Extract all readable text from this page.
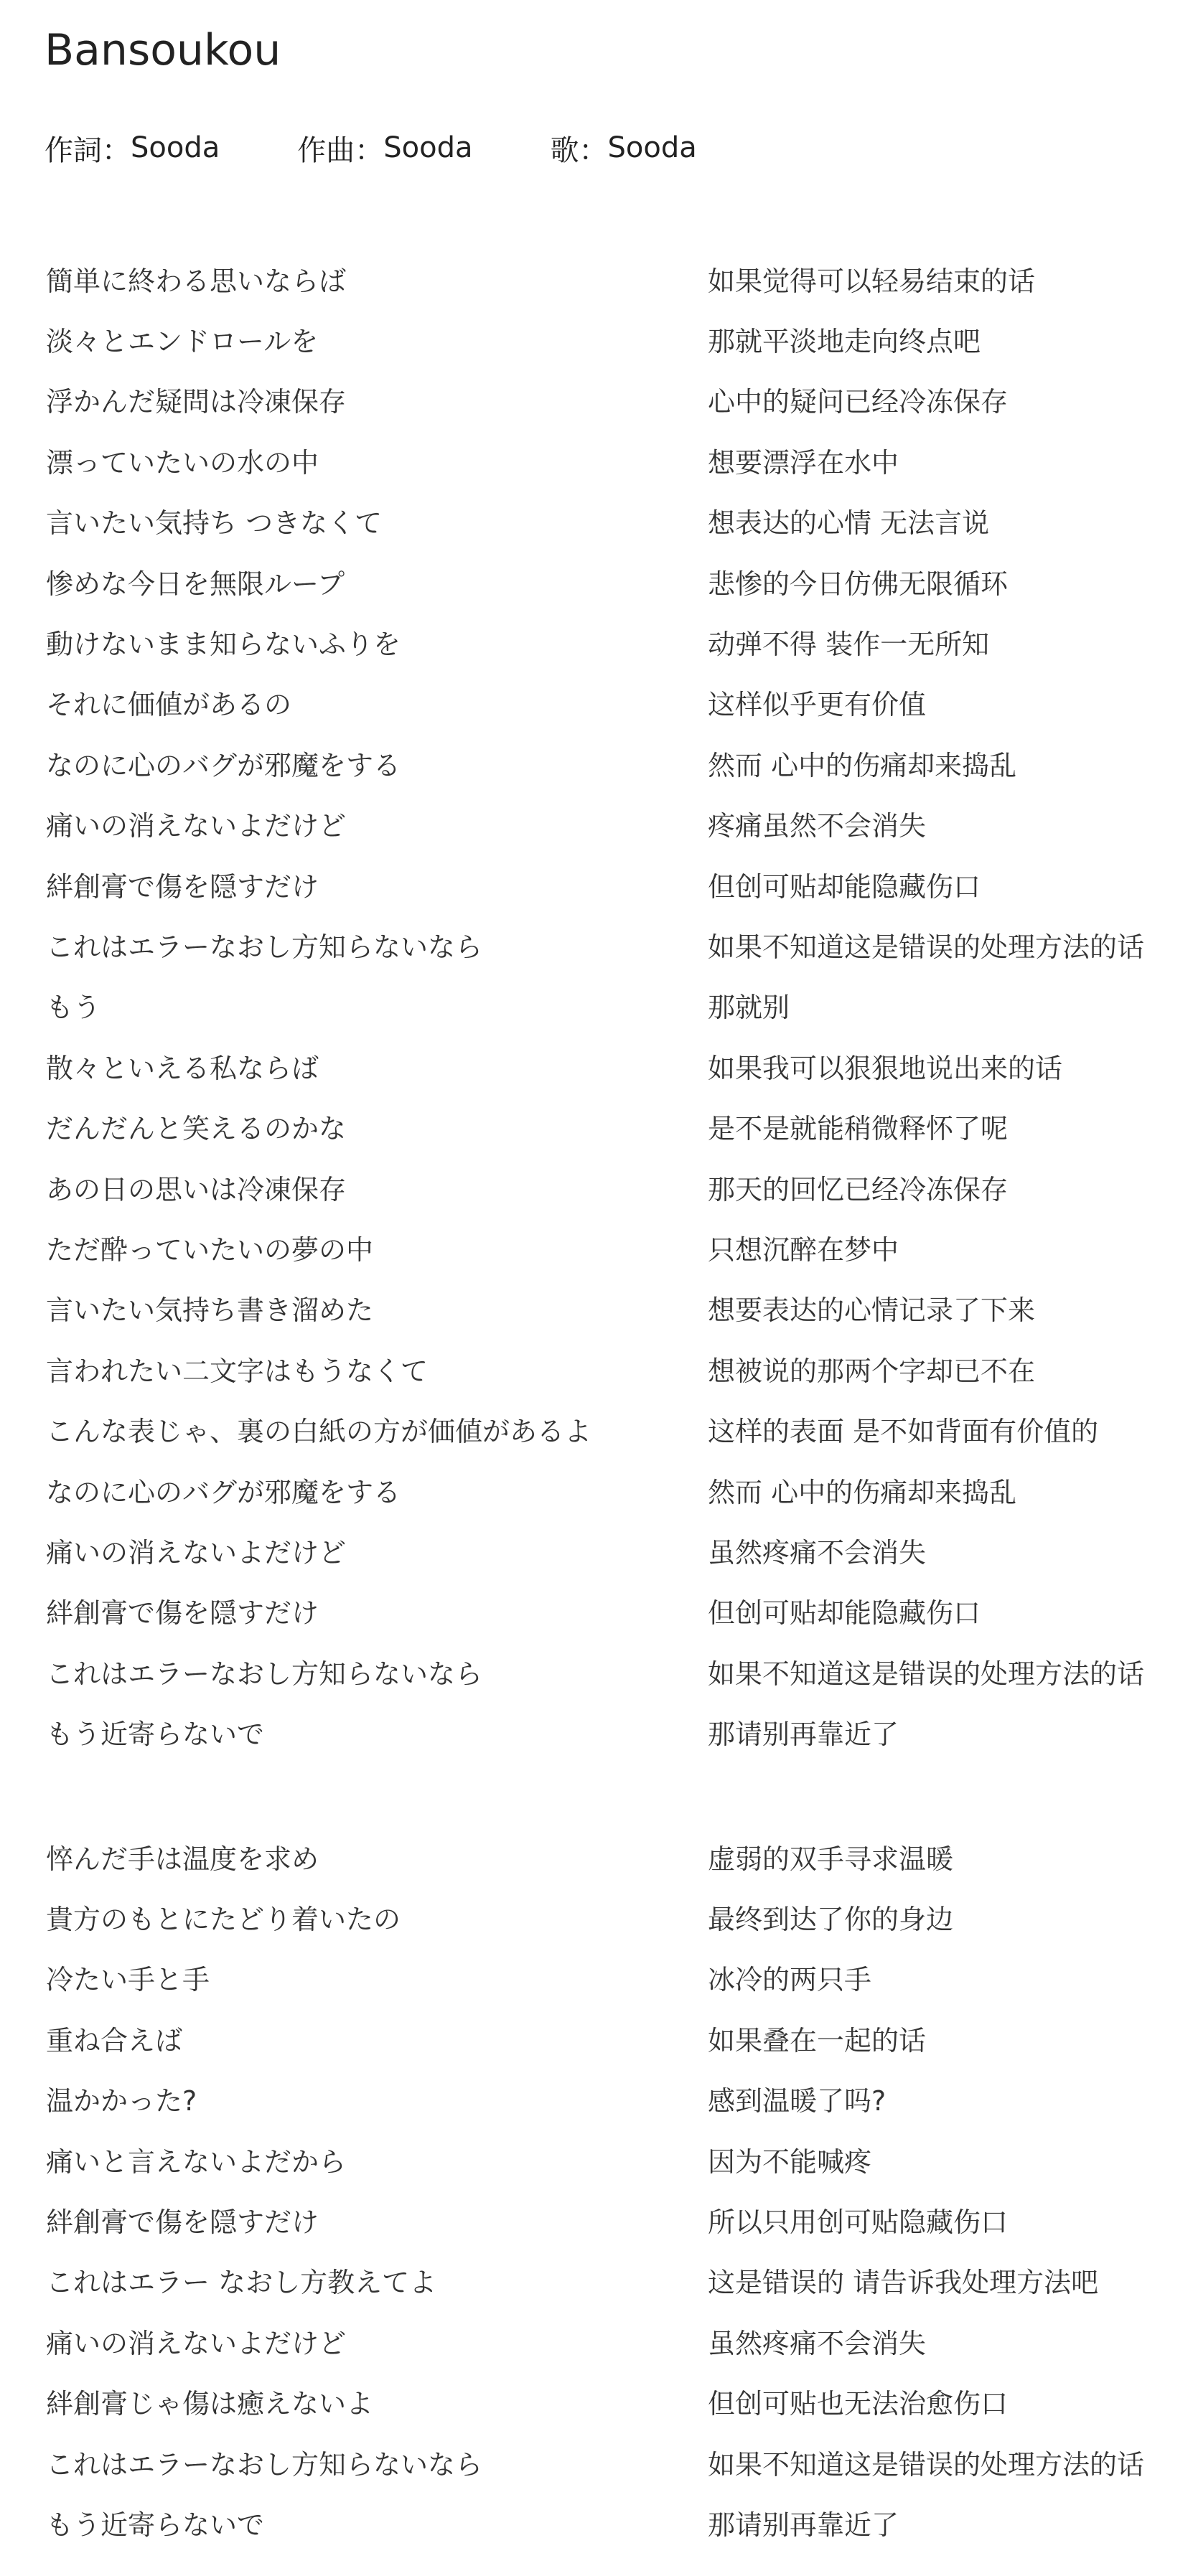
Bansoukou
作詞 ： Sooda	作曲 ： Sooda	歌 ： Sooda
簡単に終わる思いならば	如果觉得可以轻易结束的话
淡々とエンドロールを	那就平淡地走向终点吧
浮かんだ疑問は冷凍保存	心中的疑问已经冷冻保存
漂っていたいの水の中	想要漂浮在水中
言いたい気持ち つきなくて	想表达的心情 无法言说
惨めな今日を無限ループ	悲惨的今日仿佛无限循环
動けないまま知らないふりを	动弹不得 装作一无所知
それに価値があるの	这样似乎更有价值
なのに心のバグが邪魔をする	然而 心中的伤痛却来捣乱
痛いの消えないよだけど	疼痛虽然不会消失
絆創膏で傷を隠すだけ	但创可贴却能隐藏伤口
これはエラーなおし方知らないなら	如果不知道这是错误的处理方法的话
もう	那就别
散々といえる私ならば	如果我可以狠狠地说出来的话
だんだんと笑えるのかな	是不是就能稍微释怀了呢
あの日の思いは冷凍保存	那天的回忆已经冷冻保存
ただ酔っていたいの夢の中	只想沉醉在梦中
言いたい気持ち書き溜めた	想要表达的心情记录了下来
言われたい二文字はもうなくて	想被说的那两个字却已不在
こんな表じゃ、裏の白紙の方が価値があるよ	这样的表面 是不如背面有价值的
なのに心のバグが邪魔をする	然而 心中的伤痛却来捣乱
痛いの消えないよだけど	虽然疼痛不会消失
絆創膏で傷を隠すだけ	但创可贴却能隐藏伤口
これはエラーなおし方知らないなら	如果不知道这是错误的处理方法的话
もう近寄らないで	那请别再靠近了
悴んだ手は温度を求め	虚弱的双手寻求温暖
貴方のもとにたどり着いたの	最终到达了你的身边
冷たい手と手	冰冷的两只手
重ね合えば	如果叠在一起的话
温かかった?	感到温暖了吗?
痛いと言えないよだから	因为不能喊疼
絆創膏で傷を隠すだけ	所以只用创可贴隐藏伤口
これはエラー なおし方教えてよ	这是错误的 请告诉我处理方法吧
痛いの消えないよだけど	虽然疼痛不会消失
絆創膏じゃ傷は癒えないよ	但创可贴也无法治愈伤口
これはエラーなおし方知らないなら	如果不知道这是错误的处理方法的话
もう近寄らないで	那请别再靠近了
